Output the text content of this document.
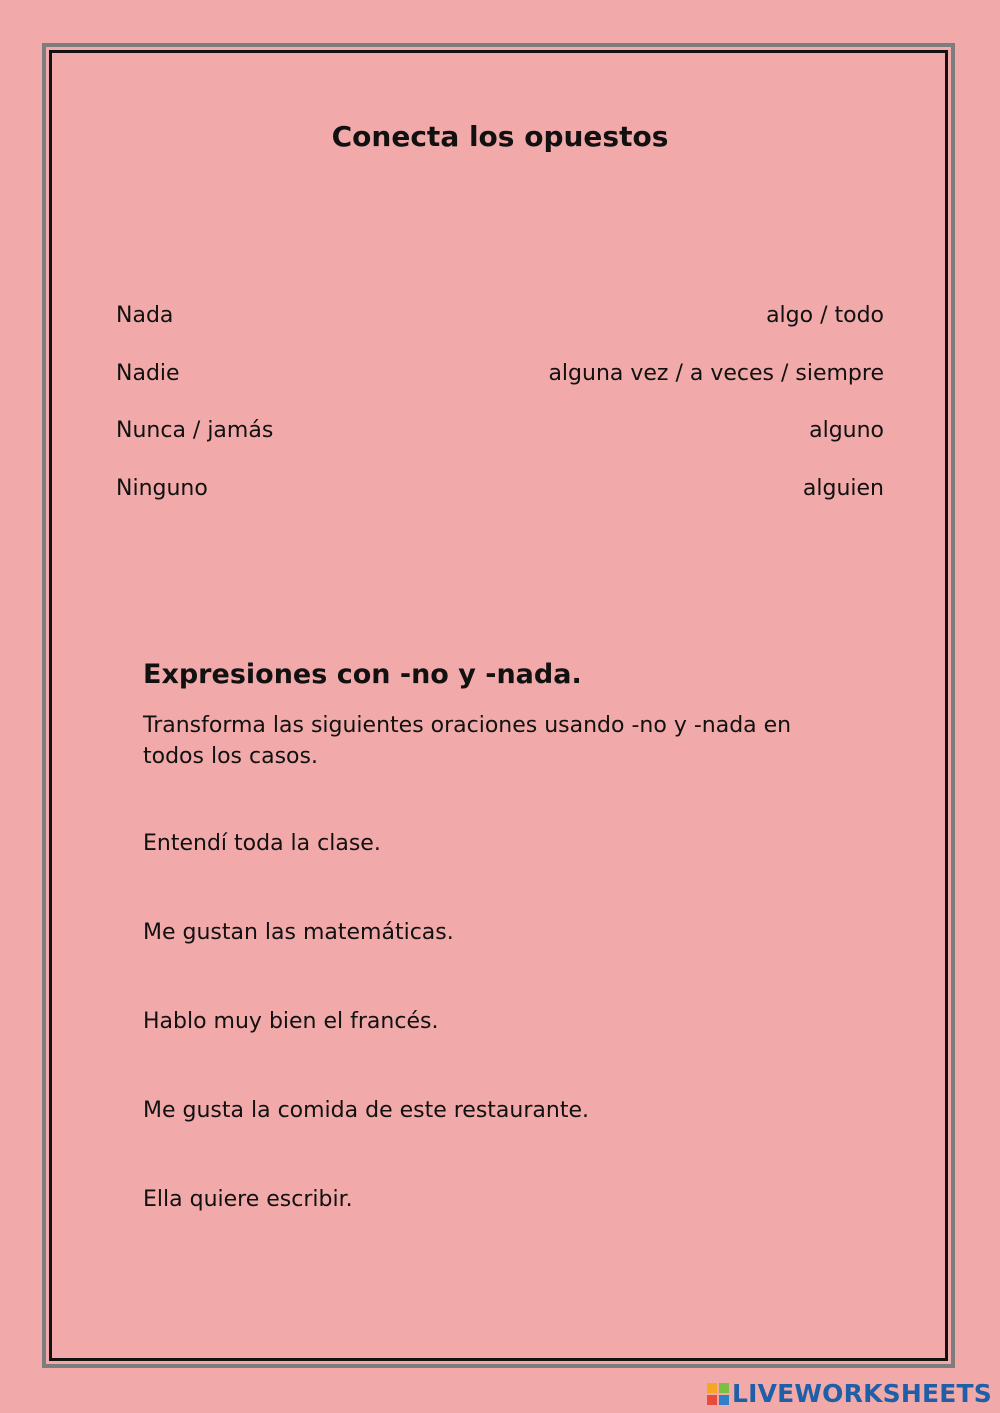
Conecta los opuestos
Nada	algo / todo
Nadie	alguna vez / a veces / siempre
Nunca / jamás	alguno
Ninguno	alguien
Expresiones con -no y -nada.

Transforma las siguientes oraciones usando -no y -nada en todos los casos.

Entendí toda la clase.
Me gustan las matemáticas.
Hablo muy bien el francés.
Me gusta la comida de este restaurante.
Ella quiere escribir.
LIVEWORKSHEETS
